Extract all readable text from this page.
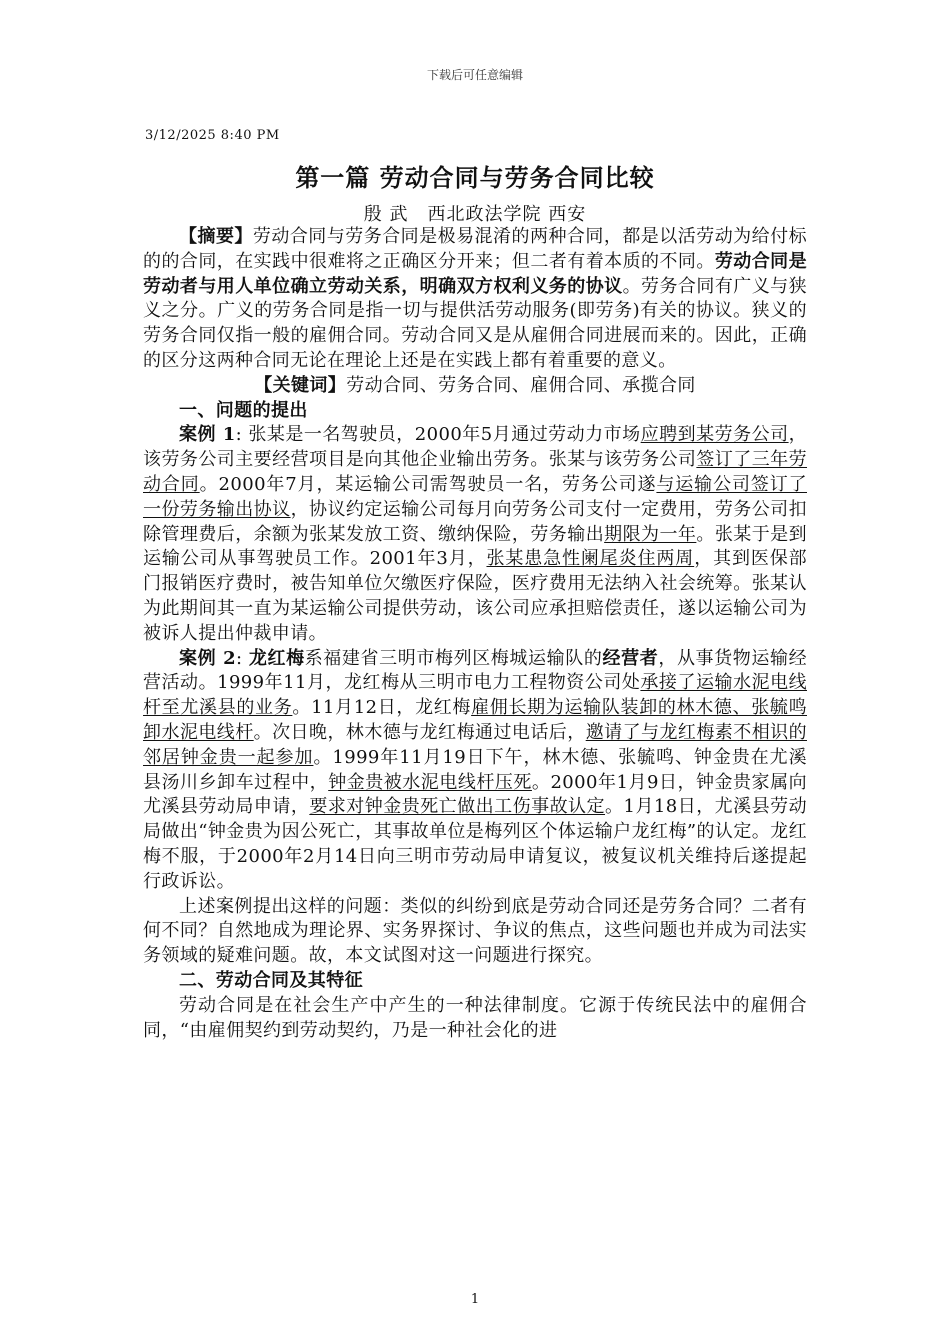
下载后可任意编辑
3/12/2025 8:40 PM
第一篇 劳动合同与劳务合同比较
殷 武　西北政法学院 西安

【摘要】劳动合同与劳务合同是极易混淆的两种合同，都是以活劳动为给付标的的合同，在实践中很难将之正确区分开来；但二者有着本质的不同。劳动合同是劳动者与用人单位确立劳动关系，明确双方权利义务的协议。劳务合同有广义与狭义之分。广义的劳务合同是指一切与提供活劳动服务(即劳务)有关的协议。狭义的劳务合同仅指一般的雇佣合同。劳动合同又是从雇佣合同进展而来的。因此，正确的区分这两种合同无论在理论上还是在实践上都有着重要的意义。

【关键词】劳动合同、劳务合同、雇佣合同、承揽合同

一、问题的提出

案例 1: 张某是一名驾驶员，2000年5月通过劳动力市场应聘到某劳务公司，该劳务公司主要经营项目是向其他企业输出劳务。张某与该劳务公司签订了三年劳动合同。2000年7月，某运输公司需驾驶员一名，劳务公司遂与运输公司签订了一份劳务输出协议，协议约定运输公司每月向劳务公司支付一定费用，劳务公司扣除管理费后，余额为张某发放工资、缴纳保险，劳务输出期限为一年。张某于是到运输公司从事驾驶员工作。2001年3月，张某患急性阑尾炎住两周，其到医保部门报销医疗费时，被告知单位欠缴医疗保险，医疗费用无法纳入社会统筹。张某认为此期间其一直为某运输公司提供劳动，该公司应承担赔偿责任，遂以运输公司为被诉人提出仲裁申请。

案例 2: 龙红梅系福建省三明市梅列区梅城运输队的经营者，从事货物运输经营活动。1999年11月，龙红梅从三明市电力工程物资公司处承接了运输水泥电线杆至尤溪县的业务。11月12日，龙红梅雇佣长期为运输队装卸的林木德、张毓鸣卸水泥电线杆。次日晚，林木德与龙红梅通过电话后，邀请了与龙红梅素不相识的邻居钟金贵一起参加。1999年11月19日下午，林木德、张毓鸣、钟金贵在尤溪县汤川乡卸车过程中，钟金贵被水泥电线杆压死。2000年1月9日，钟金贵家属向尤溪县劳动局申请，要求对钟金贵死亡做出工伤事故认定。1月18日，尤溪县劳动局做出“钟金贵为因公死亡，其事故单位是梅列区个体运输户龙红梅”的认定。龙红梅不服，于2000年2月14日向三明市劳动局申请复议，被复议机关维持后遂提起行政诉讼。

上述案例提出这样的问题：类似的纠纷到底是劳动合同还是劳务合同？二者有何不同？自然地成为理论界、实务界探讨、争议的焦点，这些问题也并成为司法实务领域的疑难问题。故，本文试图对这一问题进行探究。

二、劳动合同及其特征

劳动合同是在社会生产中产生的一种法律制度。它源于传统民法中的雇佣合同，“由雇佣契约到劳动契约，乃是一种社会化的进

1
